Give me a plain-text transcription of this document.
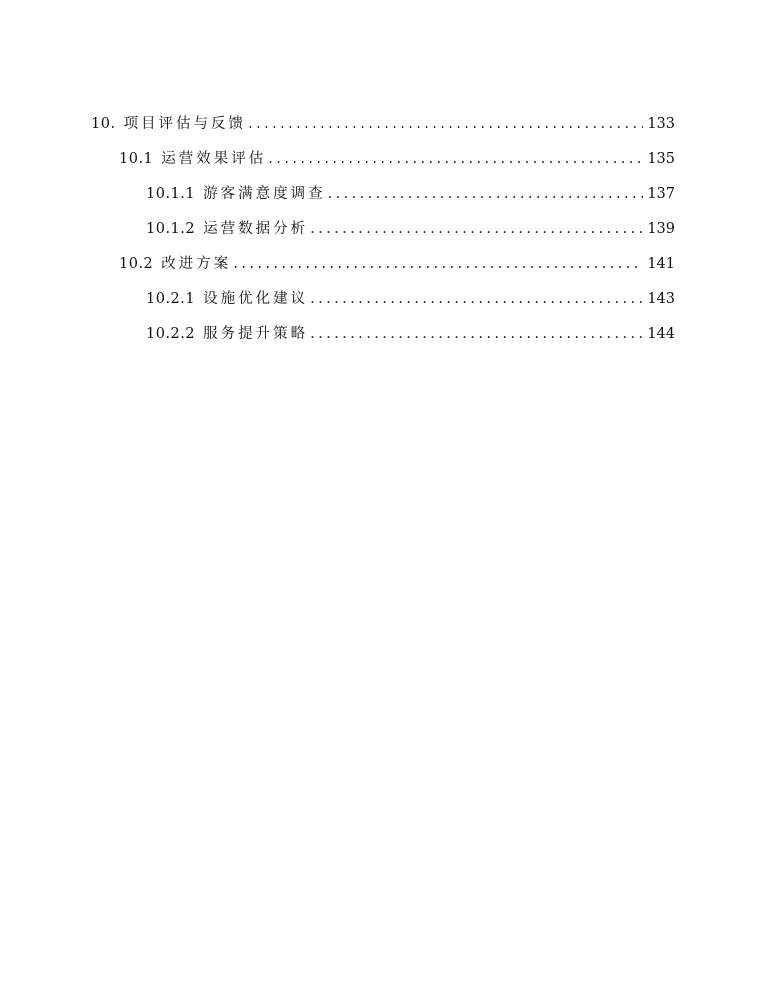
10. 项目评估与反馈 .....	133
10.1 运营效果评估 .....	135
10.1.1 游客满意度调查 .....	137
10.1.2 运营数据分析 .....	139
10.2 改进方案 .....	141
10.2.1 设施优化建议 .....	143
10.2.2 服务提升策略 .....	144
